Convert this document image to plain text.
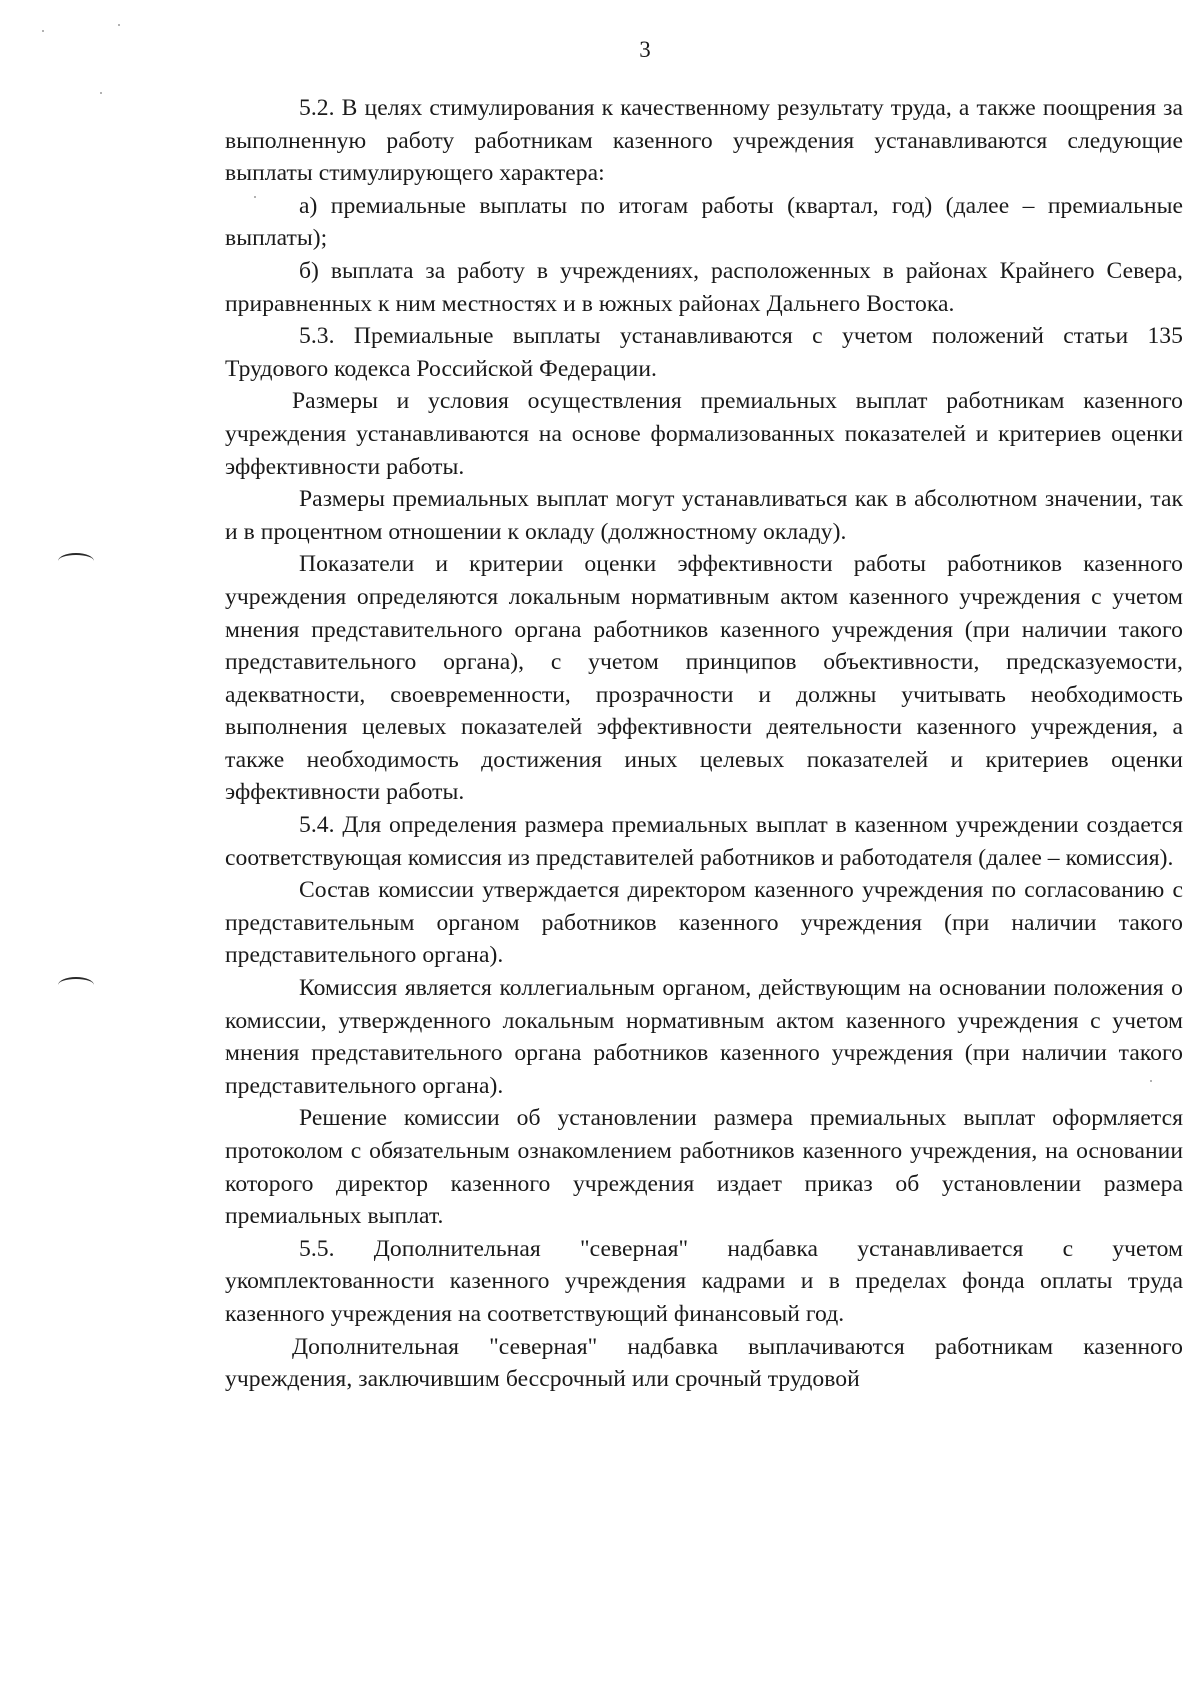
3

5.2. В целях стимулирования к качественному результату труда, а также поощрения за выполненную работу работникам казенного учреждения устанавливаются следующие выплаты стимулирующего характера:

а) премиальные выплаты по итогам работы (квартал, год) (далее – премиальные выплаты);

б) выплата за работу в учреждениях, расположенных в районах Крайнего Севера, приравненных к ним местностях и в южных районах Дальнего Востока.

5.3. Премиальные выплаты устанавливаются с учетом положений статьи 135 Трудового кодекса Российской Федерации.

Размеры и условия осуществления премиальных выплат работникам казенного учреждения устанавливаются на основе формализованных показателей и критериев оценки эффективности работы.

Размеры премиальных выплат могут устанавливаться как в абсолютном значении, так и в процентном отношении к окладу (должностному окладу).

Показатели и критерии оценки эффективности работы работников казенного учреждения определяются локальным нормативным актом казенного учреждения с учетом мнения представительного органа работников казенного учреждения (при наличии такого представительного органа), с учетом принципов объективности, предсказуемости, адекватности, своевременности, прозрачности и должны учитывать необходимость выполнения целевых показателей эффективности деятельности казенного учреждения, а также необходимость достижения иных целевых показателей и критериев оценки эффективности работы.

5.4. Для определения размера премиальных выплат в казенном учреждении создается соответствующая комиссия из представителей работников и работодателя (далее – комиссия).

Состав комиссии утверждается директором казенного учреждения по согласованию с представительным органом работников казенного учреждения (при наличии такого представительного органа).

Комиссия является коллегиальным органом, действующим на основании положения о комиссии, утвержденного локальным нормативным актом казенного учреждения с учетом мнения представительного органа работников казенного учреждения (при наличии такого представительного органа).

Решение комиссии об установлении размера премиальных выплат оформляется протоколом с обязательным ознакомлением работников казенного учреждения, на основании которого директор казенного учреждения издает приказ об установлении размера премиальных выплат.

5.5. Дополнительная "северная" надбавка устанавливается с учетом укомплектованности казенного учреждения кадрами и в пределах фонда оплаты труда казенного учреждения на соответствующий финансовый год.

Дополнительная "северная" надбавка выплачиваются работникам казенного учреждения, заключившим бессрочный или срочный трудовой
